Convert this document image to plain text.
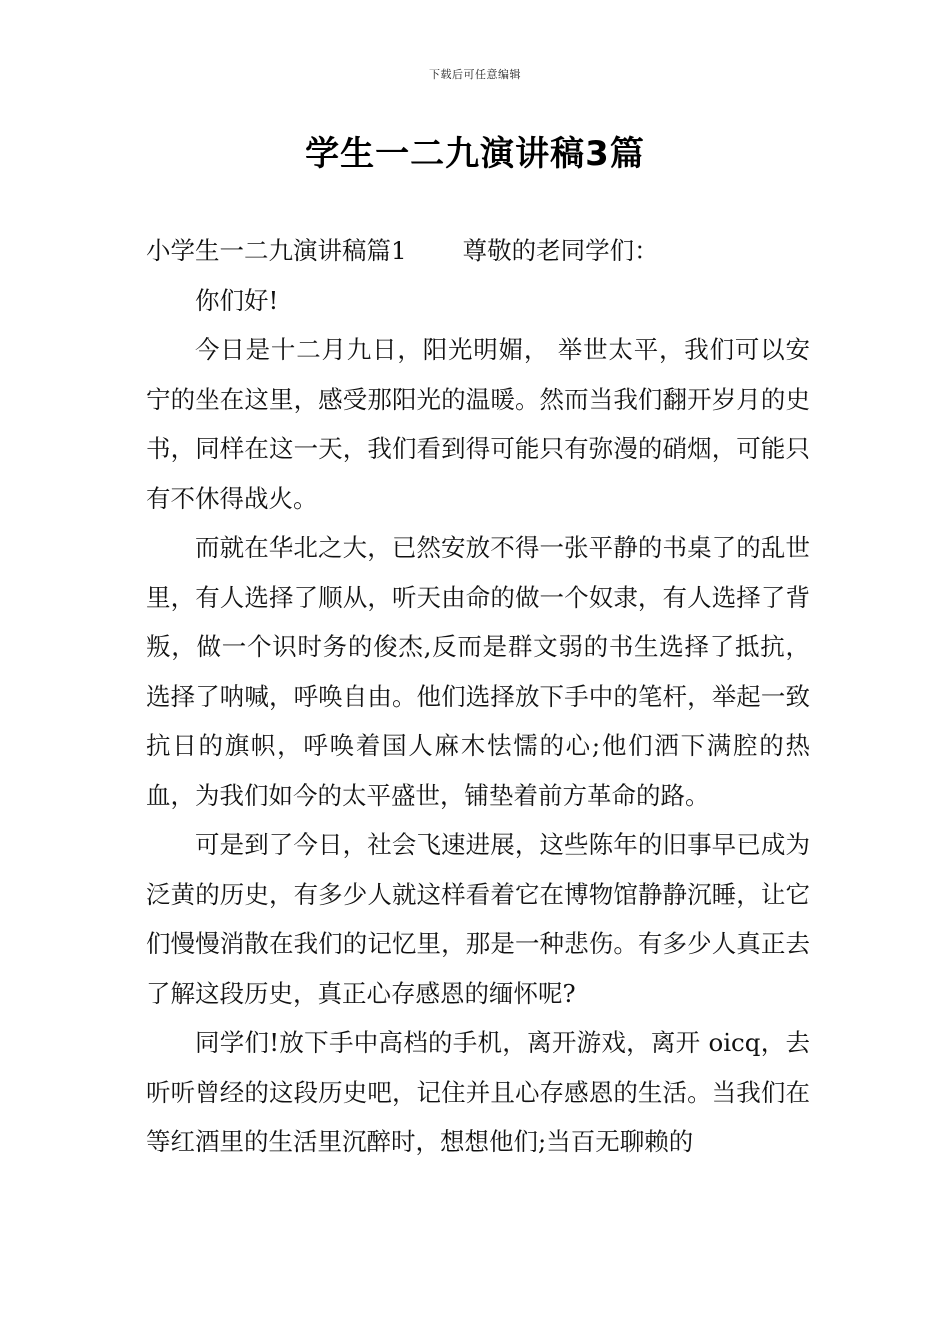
下载后可任意编辑
学生一二九演讲稿3篇

小学生一二九演讲稿篇1 尊敬的老同学们：

你们好!

今日是十二月九日，阳光明媚， 举世太平，我们可以安宁的坐在这里，感受那阳光的温暖。然而当我们翻开岁月的史书，同样在这一天，我们看到得可能只有弥漫的硝烟，可能只有不休得战火。

而就在华北之大，已然安放不得一张平静的书桌了的乱世里，有人选择了顺从，听天由命的做一个奴隶，有人选择了背叛，做一个识时务的俊杰,反而是群文弱的书生选择了抵抗，选择了呐喊，呼唤自由。他们选择放下手中的笔杆，举起一致抗日的旗帜，呼唤着国人麻木怯懦的心;他们洒下满腔的热血，为我们如今的太平盛世，铺垫着前方革命的路。

可是到了今日，社会飞速进展，这些陈年的旧事早已成为泛黄的历史，有多少人就这样看着它在博物馆静静沉睡，让它们慢慢消散在我们的记忆里，那是一种悲伤。有多少人真正去了解这段历史，真正心存感恩的缅怀呢?

同学们!放下手中高档的手机，离开游戏，离开 oicq，去听听曾经的这段历史吧，记住并且心存感恩的生活。当我们在等红酒里的生活里沉醉时，想想他们;当百无聊赖的
